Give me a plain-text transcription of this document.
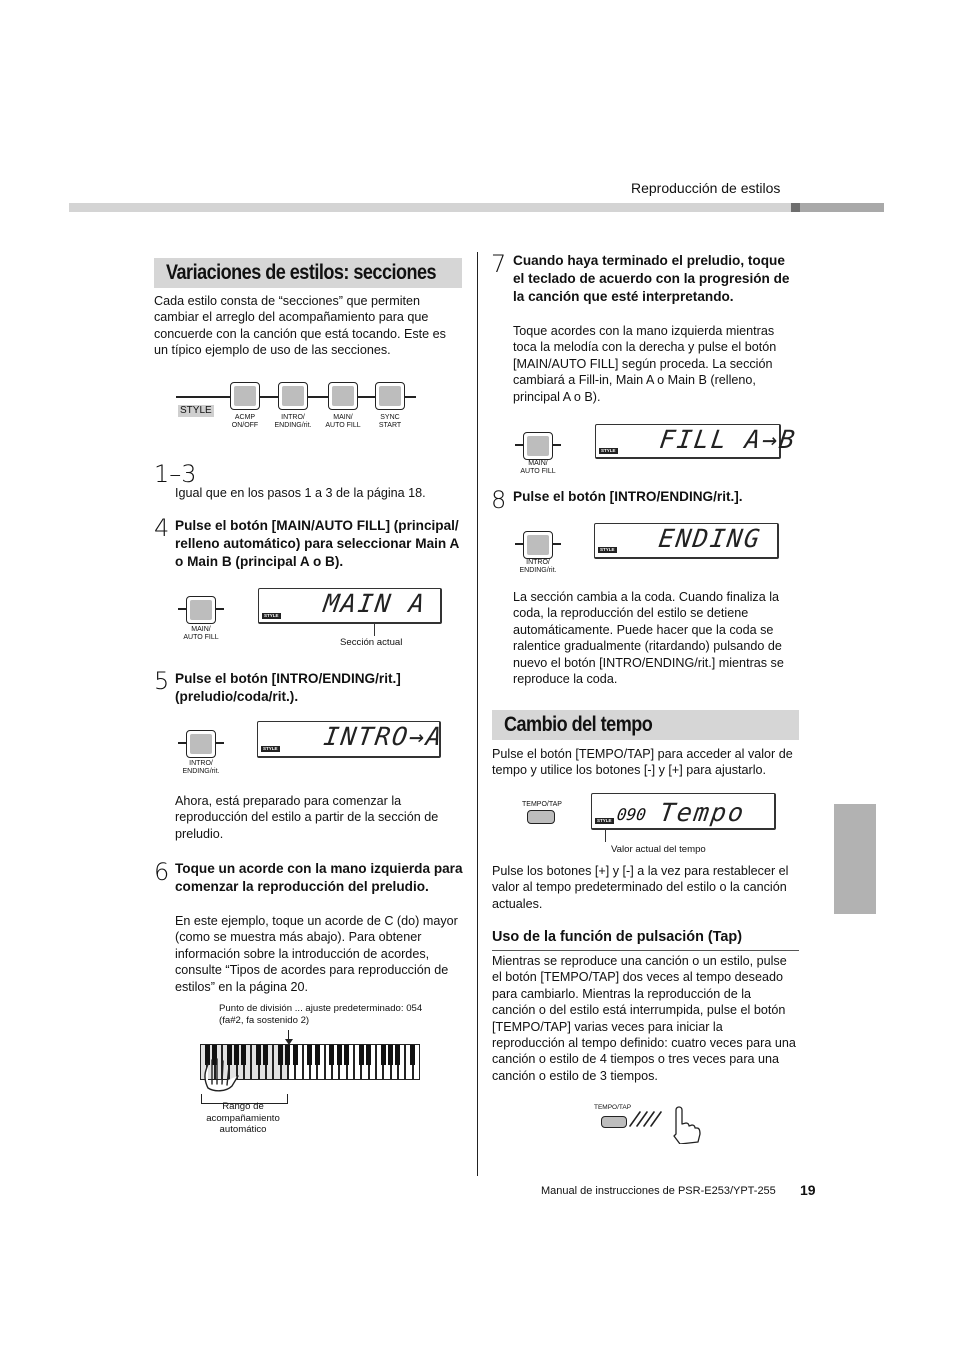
Reproducción de estilos
Variaciones de estilos: secciones
Cada estilo consta de “secciones” que permiten cambiar el arreglo del acompañamiento para que concuerde con la canción que está tocando. Este es un típico ejemplo de uso de las secciones.
STYLE
ACMP
ON/OFF
INTRO/
ENDING/rit.
MAIN/
AUTO FILL
SYNC
START
1–3
Igual que en los pasos 1 a 3 de la página 18.
4 Pulse el botón [MAIN/AUTO FILL] (principal/ relleno automático) para seleccionar Main A o Main B (principal A o B).
MAIN/
AUTO FILL
STYLE MAIN A
Sección actual
5 Pulse el botón [INTRO/ENDING/rit.] (preludio/coda/rit.).
INTRO/
ENDING/rit.
STYLE INTRO→A
Ahora, está preparado para comenzar la reproducción del estilo a partir de la sección de preludio.
6 Toque un acorde con la mano izquierda para comenzar la reproducción del preludio.
En este ejemplo, toque un acorde de C (do) mayor (como se muestra más abajo). Para obtener información sobre la introducción de acordes, consulte “Tipos de acordes para reproducción de estilos” en la página 20.
Punto de división ... ajuste predeterminado: 054 (fa#2, fa sostenido 2)
Rango de acompañamiento automático
7 Cuando haya terminado el preludio, toque el teclado de acuerdo con la progresión de la canción que esté interpretando.
Toque acordes con la mano izquierda mientras toca la melodía con la derecha y pulse el botón [MAIN/AUTO FILL] según proceda. La sección cambiará a Fill-in, Main A o Main B (relleno, principal A o B).
MAIN/
AUTO FILL
STYLE FILL A→B
8 Pulse el botón [INTRO/ENDING/rit.].
INTRO/
ENDING/rit.
STYLE ENDING
La sección cambia a la coda. Cuando finaliza la coda, la reproducción del estilo se detiene automáticamente. Puede hacer que la coda se ralentice gradualmente (ritardando) pulsando de nuevo el botón [INTRO/ENDING/rit.] mientras se reproduce la coda.
Cambio del tempo
Pulse el botón [TEMPO/TAP] para acceder al valor de tempo y utilice los botones [-] y [+] para ajustarlo.
TEMPO/TAP
STYLE 090 Tempo
Valor actual del tempo
Pulse los botones [+] y [-] a la vez para restablecer el valor al tempo predeterminado del estilo o la canción actuales.
Uso de la función de pulsación (Tap)
Mientras se reproduce una canción o un estilo, pulse el botón [TEMPO/TAP] dos veces al tempo deseado para cambiarlo. Mientras la reproducción de la canción o del estilo está interrumpida, pulse el botón [TEMPO/TAP] varias veces para iniciar la reproducción al tempo definido: cuatro veces para una canción o estilo de 4 tiempos o tres veces para una canción o estilo de 3 tiempos.
TEMPO/TAP
Manual de instrucciones de PSR-E253/YPT-255 19
